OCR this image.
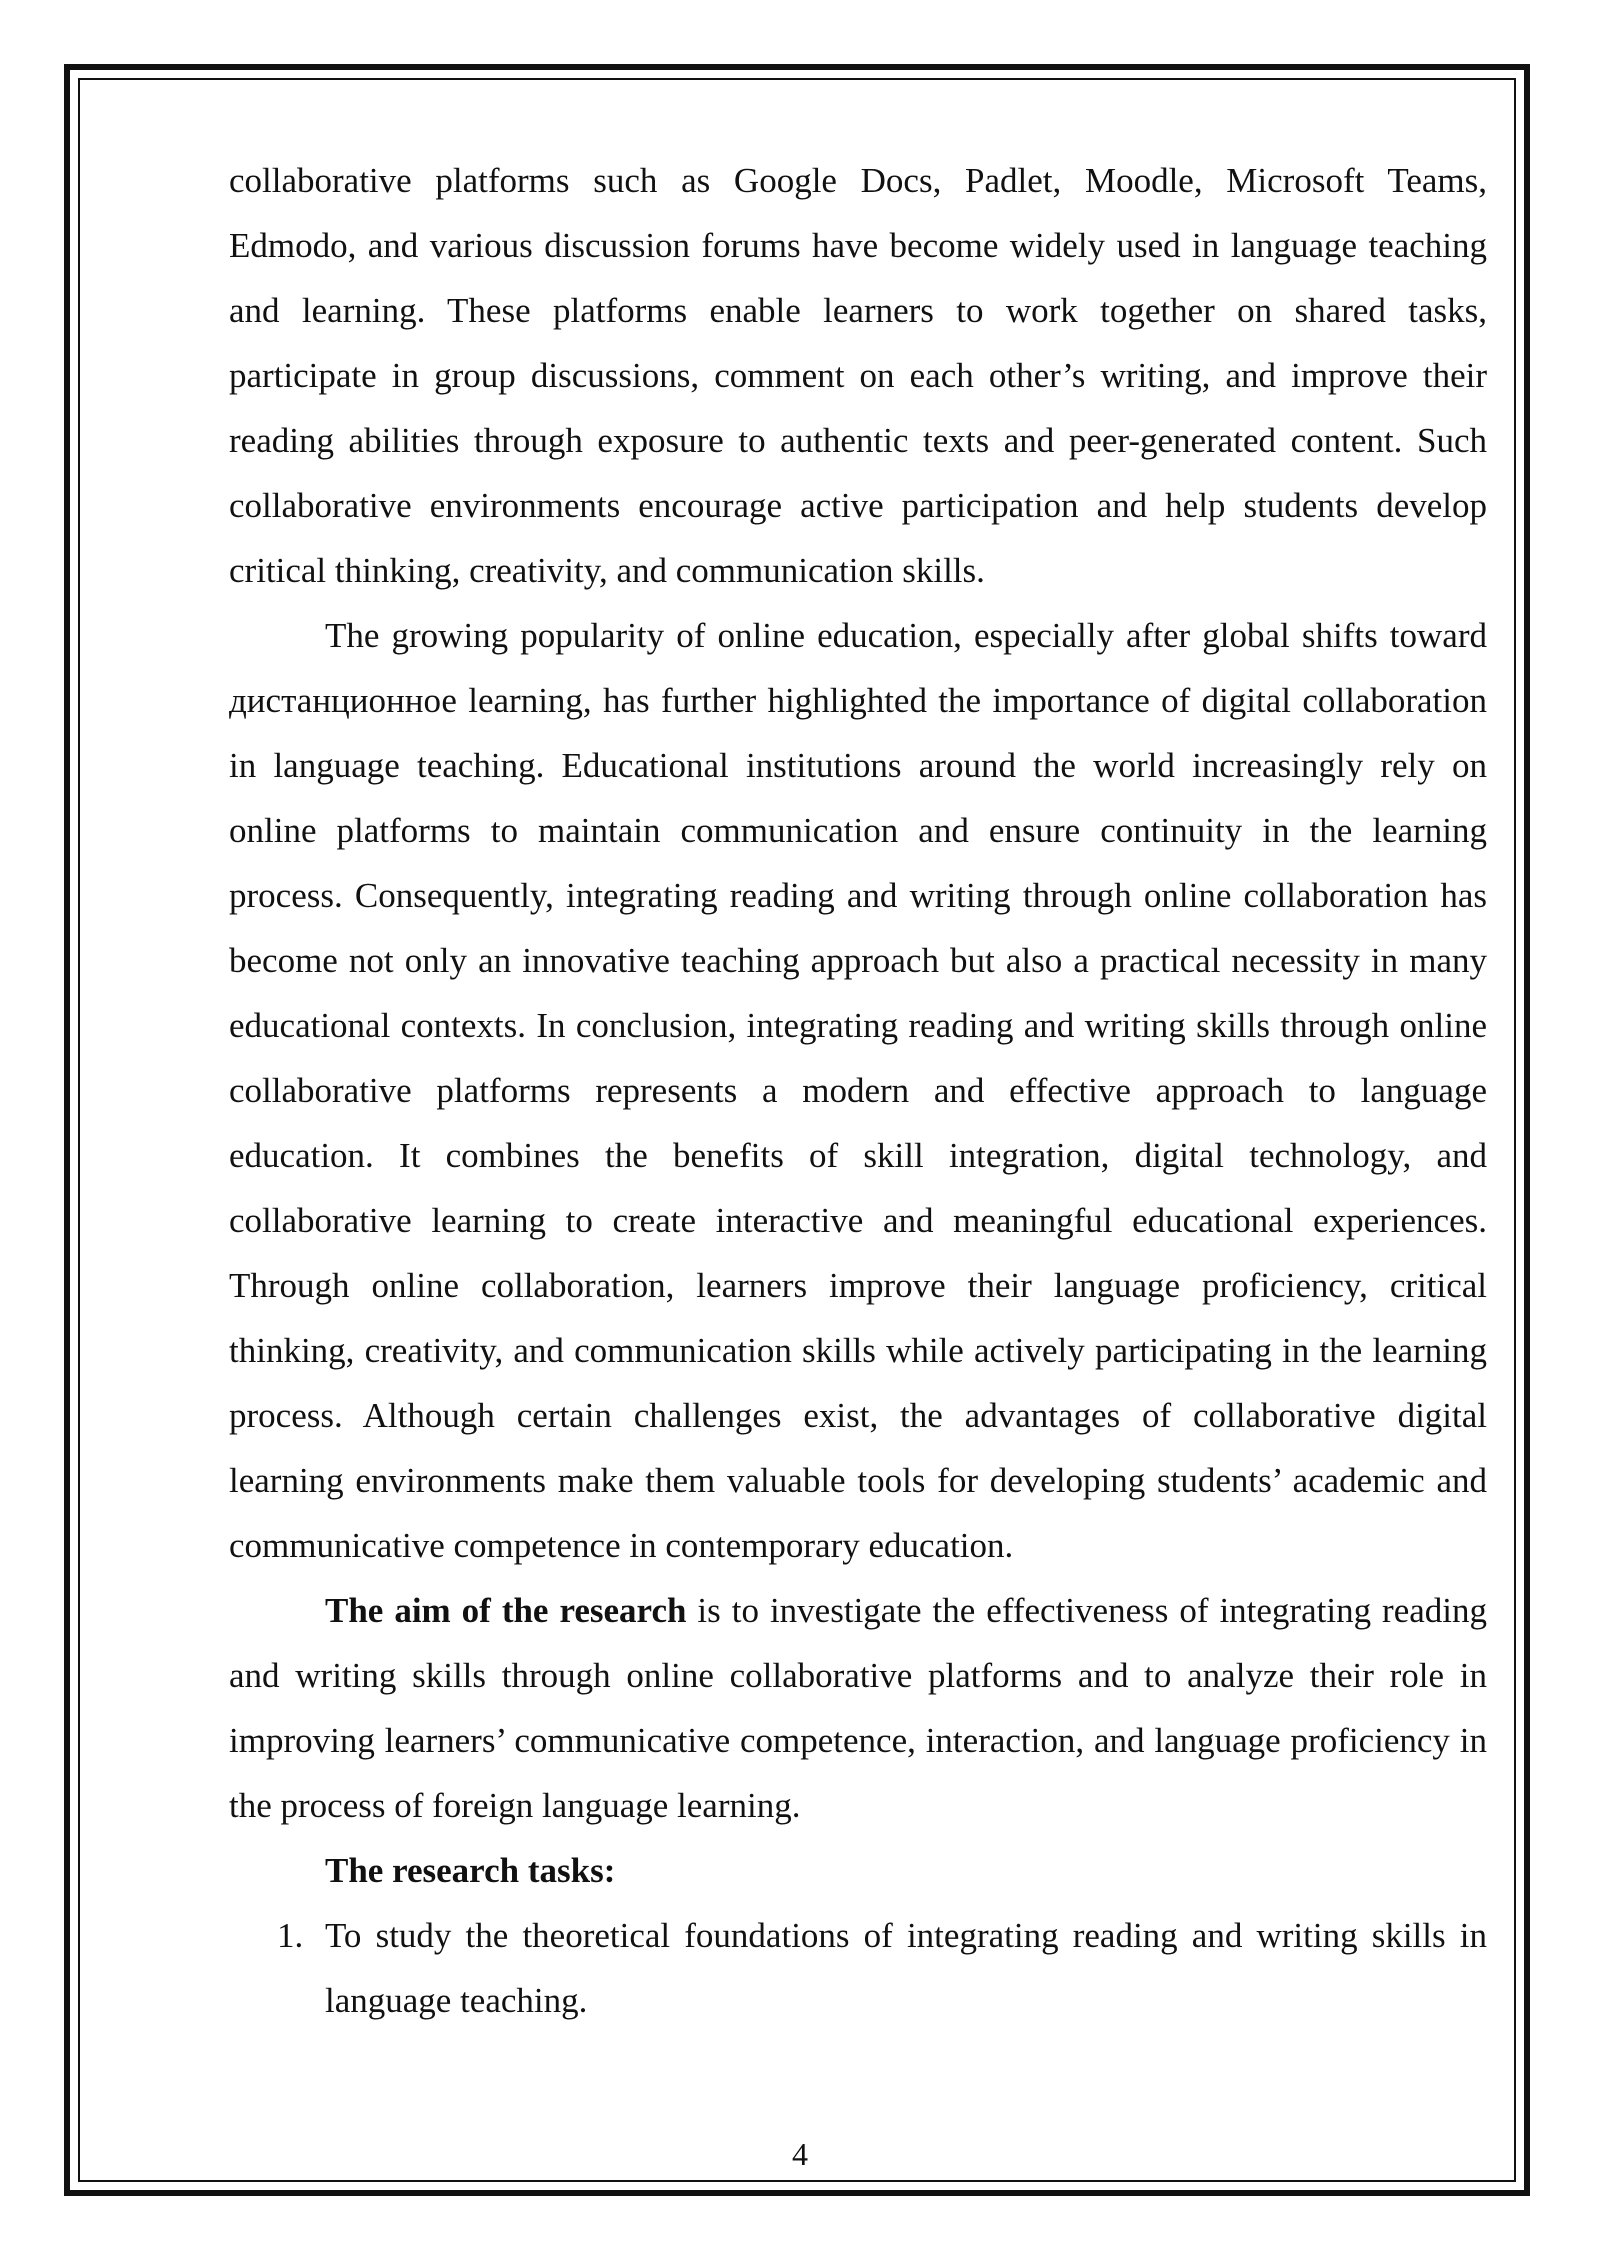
collaborative platforms such as Google Docs, Padlet, Moodle, Microsoft Teams, Edmodo, and various discussion forums have become widely used in language teaching and learning. These platforms enable learners to work together on shared tasks, participate in group discussions, comment on each other’s writing, and improve their reading abilities through exposure to authentic texts and peer-generated content. Such collaborative environments encourage active participation and help students develop critical thinking, creativity, and communication skills.

The growing popularity of online education, especially after global shifts toward дистанционное learning, has further highlighted the importance of digital collaboration in language teaching. Educational institutions around the world increasingly rely on online platforms to maintain communication and ensure continuity in the learning process. Consequently, integrating reading and writing through online collaboration has become not only an innovative teaching approach but also a practical necessity in many educational contexts. In conclusion, integrating reading and writing skills through online collaborative platforms represents a modern and effective approach to language education. It combines the benefits of skill integration, digital technology, and collaborative learning to create interactive and meaningful educational experiences. Through online collaboration, learners improve their language proficiency, critical thinking, creativity, and communication skills while actively participating in the learning process. Although certain challenges exist, the advantages of collaborative digital learning environments make them valuable tools for developing students’ academic and communicative competence in contemporary education.

The aim of the research is to investigate the effectiveness of integrating reading and writing skills through online collaborative platforms and to analyze their role in improving learners’ communicative competence, interaction, and language proficiency in the process of foreign language learning.

The research tasks:

1. To study the theoretical foundations of integrating reading and writing skills in language teaching.
4
